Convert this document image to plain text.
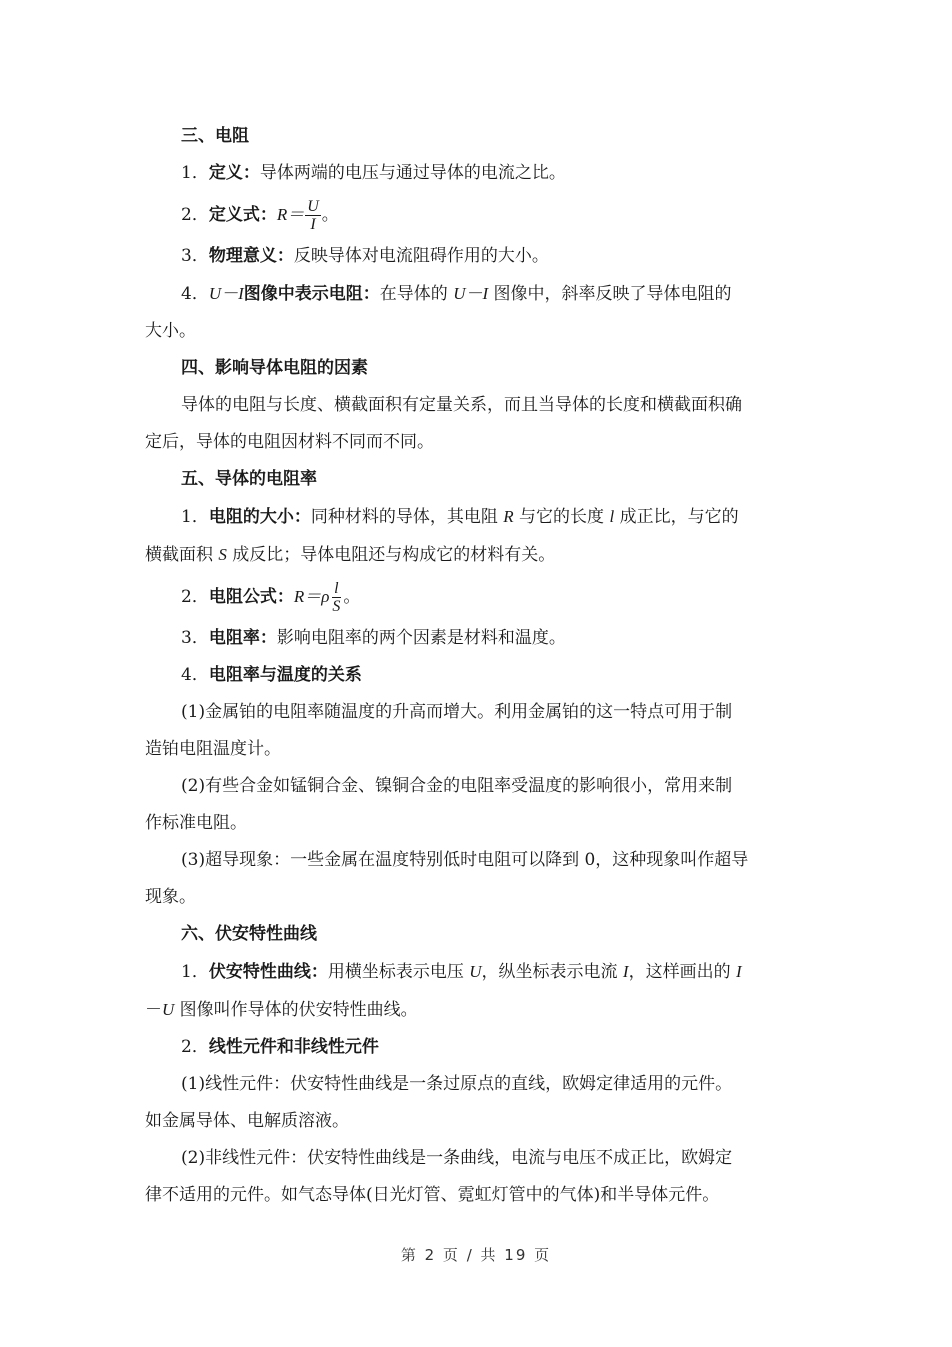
三、电阻
1．定义：导体两端的电压与通过导体的电流之比。
2．定义式：$R= \frac{U}{I}$ 。
3．物理意义：反映导体对电流阻碍作用的大小。
4．U－I图像中表示电阻：在导体的 U－I 图像中，斜率反映了导体电阻的
大小。
四、影响导体电阻的因素
导体的电阻与长度、横截面积有定量关系，而且当导体的长度和横截面积确
定后，导体的电阻因材料不同而不同。
五、导体的电阻率
1．电阻的大小：同种材料的导体，其电阻 R 与它的长度 l 成正比，与它的
横截面积 S 成反比；导体电阻还与构成它的材料有关。
2．电阻公式：$R=\rho \frac{l}{S}$ 。
3．电阻率：影响电阻率的两个因素是材料和温度。
4．电阻率与温度的关系
(1)金属铂的电阻率随温度的升高而增大。利用金属铂的这一特点可用于制
造铂电阻温度计。
(2)有些合金如锰铜合金、镍铜合金的电阻率受温度的影响很小，常用来制
作标准电阻。
(3)超导现象：一些金属在温度特别低时电阻可以降到 0，这种现象叫作超导
现象。
六、伏安特性曲线
1．伏安特性曲线：用横坐标表示电压 U，纵坐标表示电流 I，这样画出的 I
－U 图像叫作导体的伏安特性曲线。
2．线性元件和非线性元件
(1)线性元件：伏安特性曲线是一条过原点的直线，欧姆定律适用的元件。
如金属导体、电解质溶液。
(2)非线性元件：伏安特性曲线是一条曲线，电流与电压不成正比，欧姆定
律不适用的元件。如气态导体(日光灯管、霓虹灯管中的气体)和半导体元件。
第 2 页 / 共 19 页
